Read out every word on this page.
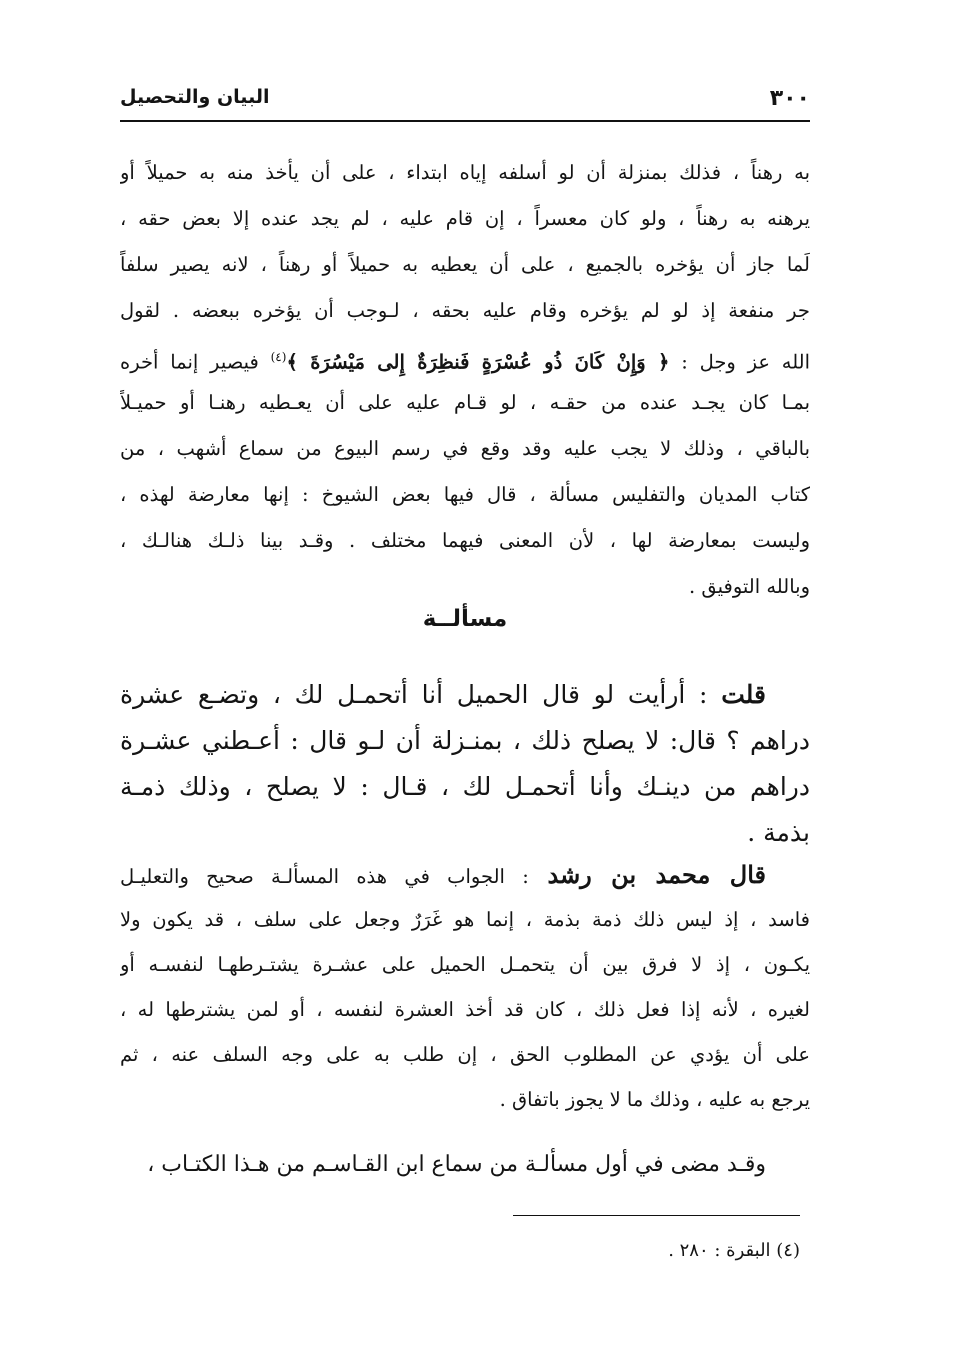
٣٠٠
البيان والتحصيل

به رهناً ، فذلك بمنزلة أن لو أسلفه إياه ابتداء ، على أن يأخذ منه به حميلاً أو

يرهنه به رهناً ، ولو كان معسراً ، إن قام عليه ، لم يجد عنده إلا بعض حقه ،

لَما جاز أن يؤخره بالجميع ، على أن يعطيه به حميلاً أو رهناً ، لانه يصير سلفاً

جر منفعة إذ لو لم يؤخره وقام عليه بحقه ، لـوجب أن يؤخره ببعضه . لقول

الله عز وجل : ﴿ وَإِنْ كَانَ ذُو عُسْرَةٍ فَنظِرَةٌ إِلى مَيْسُرَةَ ﴾$^{(٤)}$ فيصير إنما أخره

بمـا كان يجـد عنده من حقـه ، لو قـام عليه على أن يعـطيه رهنـا أو حميـلاً

بالباقي ، وذلك لا يجب عليه وقد وقع في رسم البيوع من سماع أشهب ، من

كتاب المديان والتفليس مسألة ، قال فيها بعض الشيوخ : إنها معارضة لهذه ،

وليست بمعارضة لها ، لأن المعنى فيهما مختلف . وقـد بينا ذلـك هنالـك ،

وبالله التوفيق .

مسألــة

قلت : أرأيت لو قال الحميل أنا أتحمـل لك ، وتضـع عشرة

دراهم ؟ قال: لا يصلح ذلك ، بمنـزلة أن لـو قال : أعـطني عشـرة

دراهم من دينـك وأنا أتحمـل لك ، قـال : لا يصلح ، وذلك ذمـة

بذمة .

قال محمد بن رشد : الجواب في هذه المسألـة صحيح والتعليـل

فاسد ، إذ ليس ذلك ذمة بذمة ، إنما هو غَرَرٌ وجعل على سلف ، قد يكون ولا

يكـون ، إذ لا فرق بين أن يتحمـل الحميل على عشـرة يشتـرطهـا لنفسـه أو

لغيره ، لأنه إذا فعل ذلك ، كان قد أخذ العشرة لنفسه ، أو لمن يشترطها له ،

على أن يؤدي عن المطلوب الحق ، إن طلب به على وجه السلف عنه ، ثم

يرجع به عليه ، وذلك ما لا يجوز باتفاق .

وقـد مضى في أول مسألـة من سماع ابن القـاسـم من هـذا الكتـاب ،

(٤) البقرة : ٢٨٠ .
